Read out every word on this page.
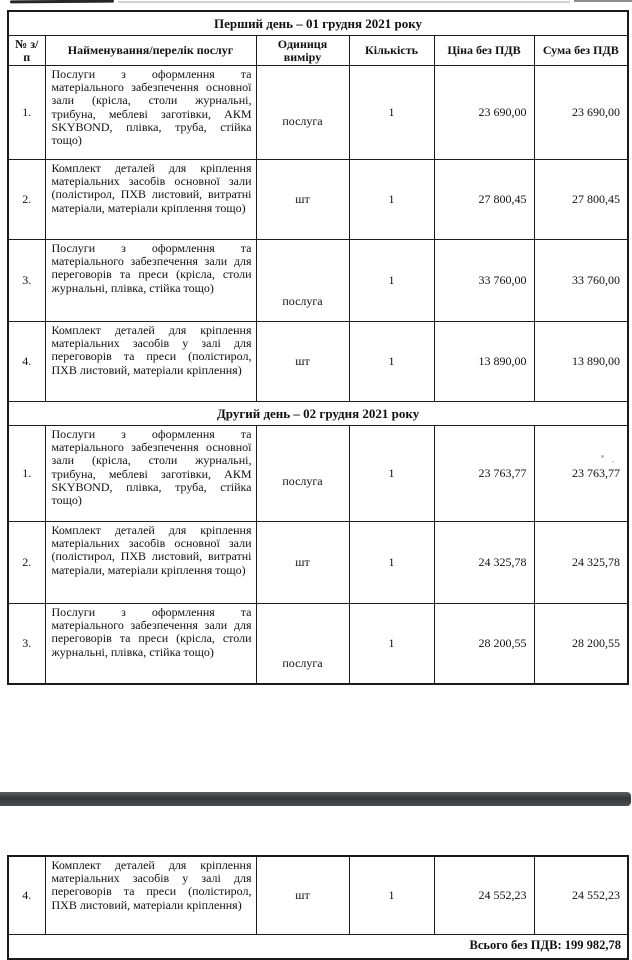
Перший день – 01 грудня 2021 року					
№ з/п	Найменування/перелік послуг	Одиниця виміру	Кількість	Ціна без ПДВ	Сума без ПДВ
1.	Послуги з оформлення та матеріального забезпечення основної зали (крісла, столи журнальні, трибуна, меблеві заготівки, АКМ SKYBOND, плівка, труба, стійка тощо)	послуга	1	23 690,00	23 690,00
2.	Комплект деталей для кріплення матеріальних засобів основної зали (полістирол, ПХВ листовий, витратні матеріали, матеріали кріплення тощо)	шт	1	27 800,45	27 800,45
3.	Послуги з оформлення та матеріального забезпечення зали для переговорів та преси (крісла, столи журнальні, плівка, стійка тощо)	послуга	1	33 760,00	33 760,00
4.	Комплект деталей для кріплення матеріальних засобів у залі для переговорів та преси (полістирол, ПХВ листовий, матеріали кріплення)	шт	1	13 890,00	13 890,00
Другий день – 02 грудня 2021 року					
1.	Послуги з оформлення та матеріального забезпечення основної зали (крісла, столи журнальні, трибуна, меблеві заготівки, АКМ SKYBOND, плівка, труба, стійка тощо)	послуга	1	23 763,77	23 763,77
2.	Комплект деталей для кріплення матеріальних засобів основної зали (полістирол, ПХВ листовий, витратні матеріали, матеріали кріплення тощо)	шт	1	24 325,78	24 325,78
3.	Послуги з оформлення та матеріального забезпечення зали для переговорів та преси (крісла, столи журнальні, плівка, стійка тощо)	послуга	1	28 200,55	28 200,55
4.	Комплект деталей для кріплення матеріальних засобів у залі для переговорів та преси (полістирол, ПХВ листовий, матеріали кріплення)	шт	1	24 552,23	24 552,23
Всього без ПДВ: 199 982,78
